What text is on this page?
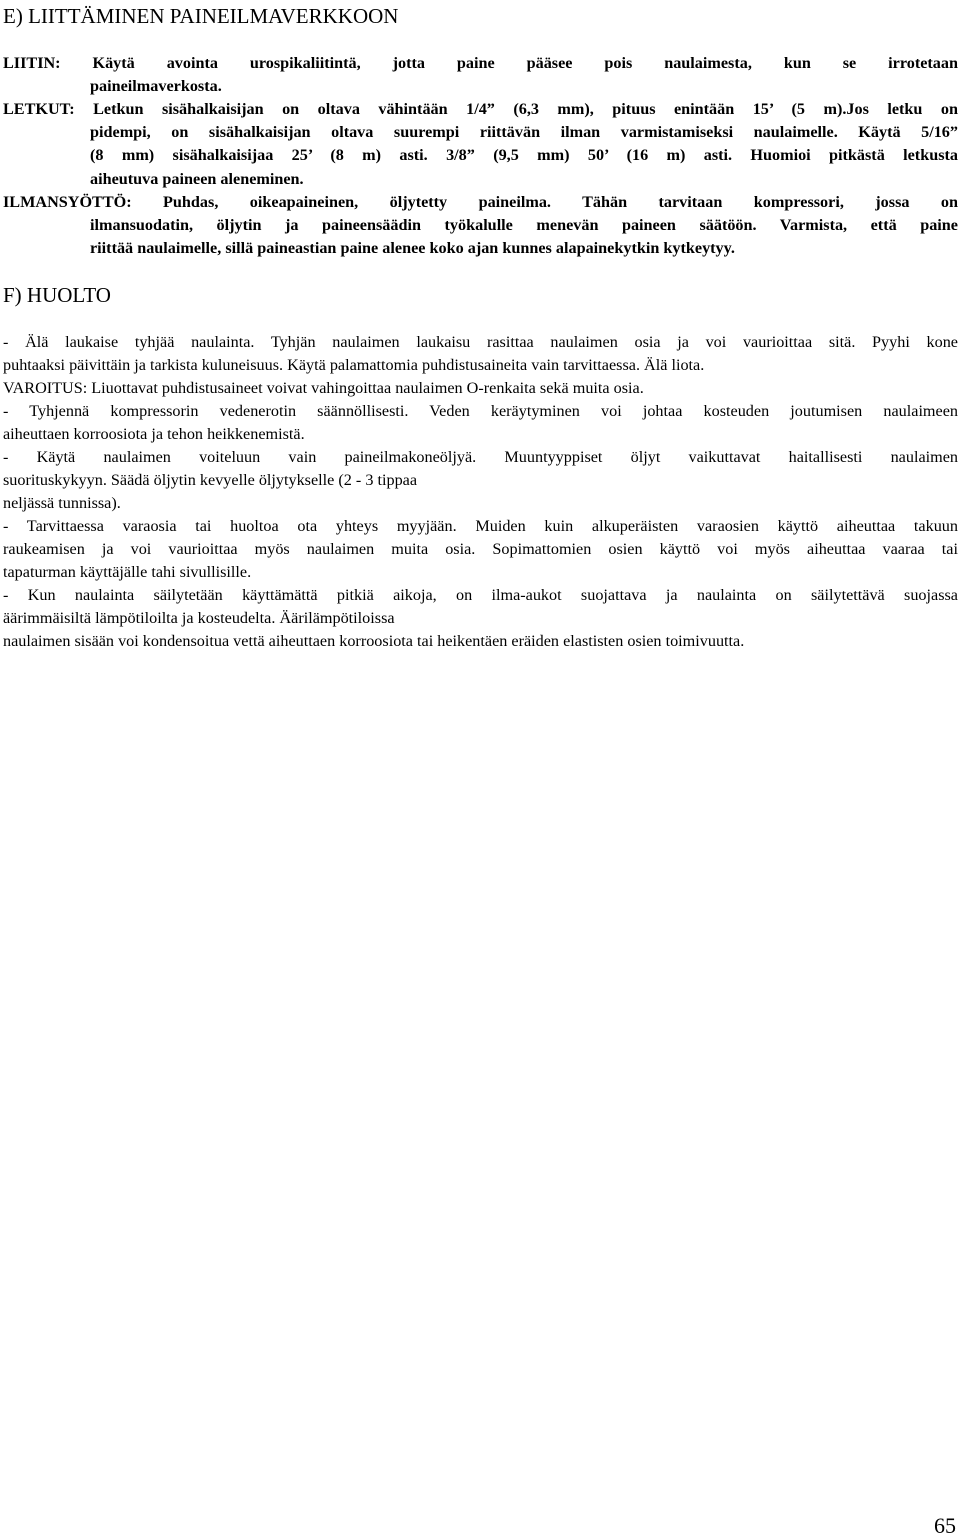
E) LIITTÄMINEN PAINEILMAVERKKOON
LIITIN: Käytä avointa urospikaliitintä, jotta paine pääsee pois naulaimesta, kun se irrotetaan
paineilmaverkosta.
LETKUT: Letkun sisähalkaisijan on oltava vähintään 1/4” (6,3 mm), pituus enintään 15’ (5 m).Jos letku on
pidempi, on sisähalkaisijan oltava suurempi riittävän ilman varmistamiseksi naulaimelle. Käytä 5/16”
(8 mm) sisähalkaisijaa 25’ (8 m) asti. 3/8” (9,5 mm) 50’ (16 m) asti. Huomioi pitkästä letkusta
aiheutuva paineen aleneminen.
ILMANSYÖTTÖ: Puhdas, oikeapaineinen, öljytetty paineilma. Tähän tarvitaan kompressori, jossa on
ilmansuodatin, öljytin ja paineensäädin työkalulle menevän paineen säätöön. Varmista, että paine
riittää naulaimelle, sillä paineastian paine alenee koko ajan kunnes alapainekytkin kytkeytyy.
F) HUOLTO
- Älä laukaise tyhjää naulainta. Tyhjän naulaimen laukaisu rasittaa naulaimen osia ja voi vaurioittaa sitä. Pyyhi kone
puhtaaksi päivittäin ja tarkista kuluneisuus. Käytä palamattomia puhdistusaineita vain tarvittaessa. Älä liota.
VAROITUS: Liuottavat puhdistusaineet voivat vahingoittaa naulaimen O-renkaita sekä muita osia.
- Tyhjennä kompressorin vedenerotin säännöllisesti. Veden keräytyminen voi johtaa kosteuden joutumisen naulaimeen
aiheuttaen korroosiota ja tehon heikkenemistä.
- Käytä naulaimen voiteluun vain paineilmakoneöljyä. Muuntyyppiset öljyt vaikuttavat haitallisesti naulaimen
suorituskykyyn. Säädä öljytin kevyelle öljytykselle (2 - 3 tippaa
neljässä tunnissa).
- Tarvittaessa varaosia tai huoltoa ota yhteys myyjään. Muiden kuin alkuperäisten varaosien käyttö aiheuttaa takuun
raukeamisen ja voi vaurioittaa myös naulaimen muita osia. Sopimattomien osien käyttö voi myös aiheuttaa vaaraa tai
tapaturman käyttäjälle tahi sivullisille.
- Kun naulainta säilytetään käyttämättä pitkiä aikoja, on ilma-aukot suojattava ja naulainta on säilytettävä suojassa
äärimmäisiltä lämpötiloilta ja kosteudelta. Äärilämpötiloissa
naulaimen sisään voi kondensoitua vettä aiheuttaen korroosiota tai heikentäen eräiden elastisten osien toimivuutta.
65
